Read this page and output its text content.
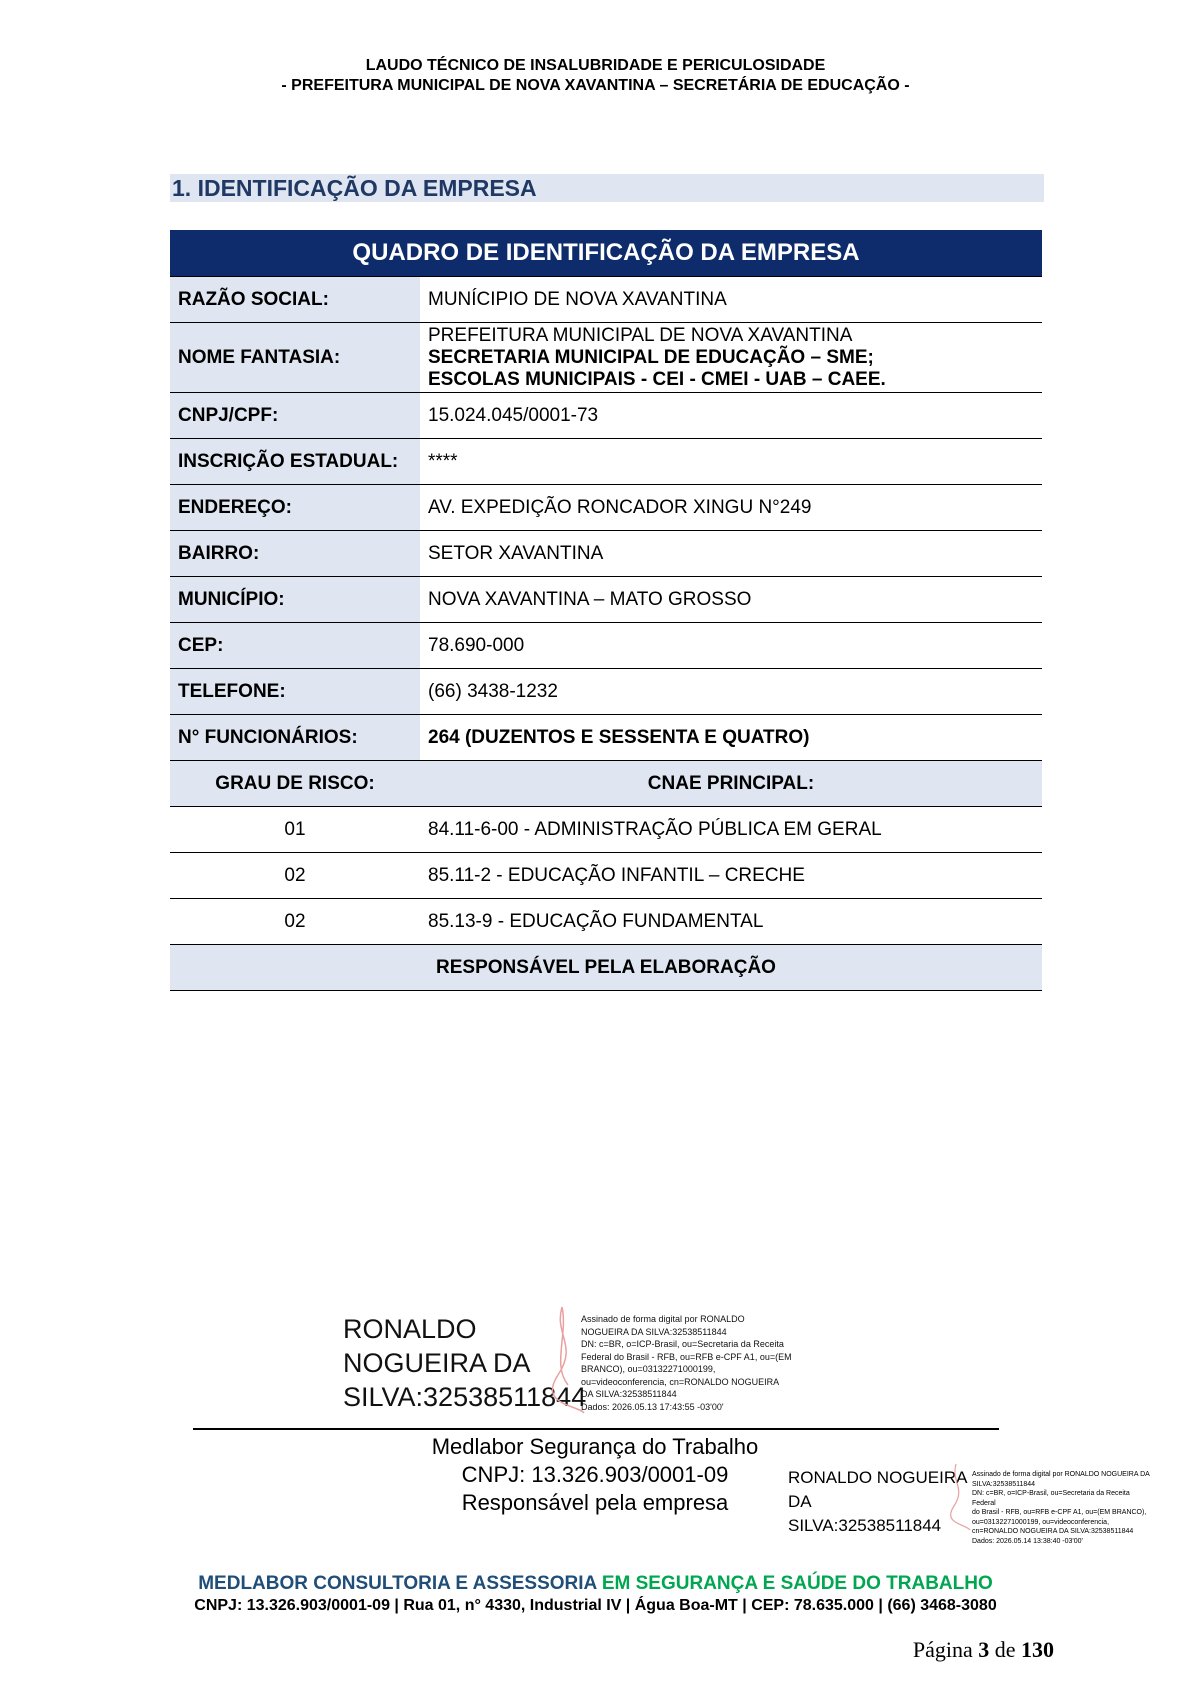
LAUDO TÉCNICO DE INSALUBRIDADE E PERICULOSIDADE
- PREFEITURA MUNICIPAL DE NOVA XAVANTINA – SECRETÁRIA DE EDUCAÇÃO -
1. IDENTIFICAÇÃO DA EMPRESA
QUADRO DE IDENTIFICAÇÃO DA EMPRESA	
RAZÃO SOCIAL:	MUNÍCIPIO DE NOVA XAVANTINA
NOME FANTASIA:	PREFEITURA MUNICIPAL DE NOVA XAVANTINA
SECRETARIA MUNICIPAL DE EDUCAÇÃO – SME;
ESCOLAS MUNICIPAIS - CEI - CMEI - UAB – CAEE.

CNPJ/CPF:	15.024.045/0001-73
INSCRIÇÃO ESTADUAL:	****
ENDEREÇO:	AV. EXPEDIÇÃO RONCADOR XINGU N°249
BAIRRO:	SETOR XAVANTINA
MUNICÍPIO:	NOVA XAVANTINA – MATO GROSSO
CEP:	78.690-000
TELEFONE:	(66) 3438-1232
N° FUNCIONÁRIOS:	264 (DUZENTOS E SESSENTA E QUATRO)
GRAU DE RISCO:	CNAE PRINCIPAL:
01	84.11-6-00 - ADMINISTRAÇÃO PÚBLICA EM GERAL
02	85.11-2 - EDUCAÇÃO INFANTIL – CRECHE
02	85.13-9 - EDUCAÇÃO FUNDAMENTAL
RESPONSÁVEL PELA ELABORAÇÃO	
RONALDO
NOGUEIRA DA
SILVA:32538511844
Assinado de forma digital por RONALDO
NOGUEIRA DA SILVA:32538511844
DN: c=BR, o=ICP-Brasil, ou=Secretaria da Receita
Federal do Brasil - RFB, ou=RFB e-CPF A1, ou=(EM
BRANCO), ou=03132271000199,
ou=videoconferencia, cn=RONALDO NOGUEIRA
DA SILVA:32538511844
Dados: 2026.05.13 17:43:55 -03'00'
Medlabor Segurança do Trabalho
CNPJ: 13.326.903/0001-09
Responsável pela empresa
RONALDO NOGUEIRA
DA
SILVA:32538511844
Assinado de forma digital por RONALDO NOGUEIRA DA
SILVA:32538511844
DN: c=BR, o=ICP-Brasil, ou=Secretaria da Receita Federal
do Brasil - RFB, ou=RFB e-CPF A1, ou=(EM BRANCO),
ou=03132271000199, ou=videoconferencia,
cn=RONALDO NOGUEIRA DA SILVA:32538511844
Dados: 2026.05.14 13:38:40 -03'00'
MEDLABOR CONSULTORIA E ASSESSORIA EM SEGURANÇA E SAÚDE DO TRABALHO
CNPJ: 13.326.903/0001-09 | Rua 01, n° 4330, Industrial IV | Água Boa-MT | CEP: 78.635.000 | (66) 3468-3080
Página 3 de 130
